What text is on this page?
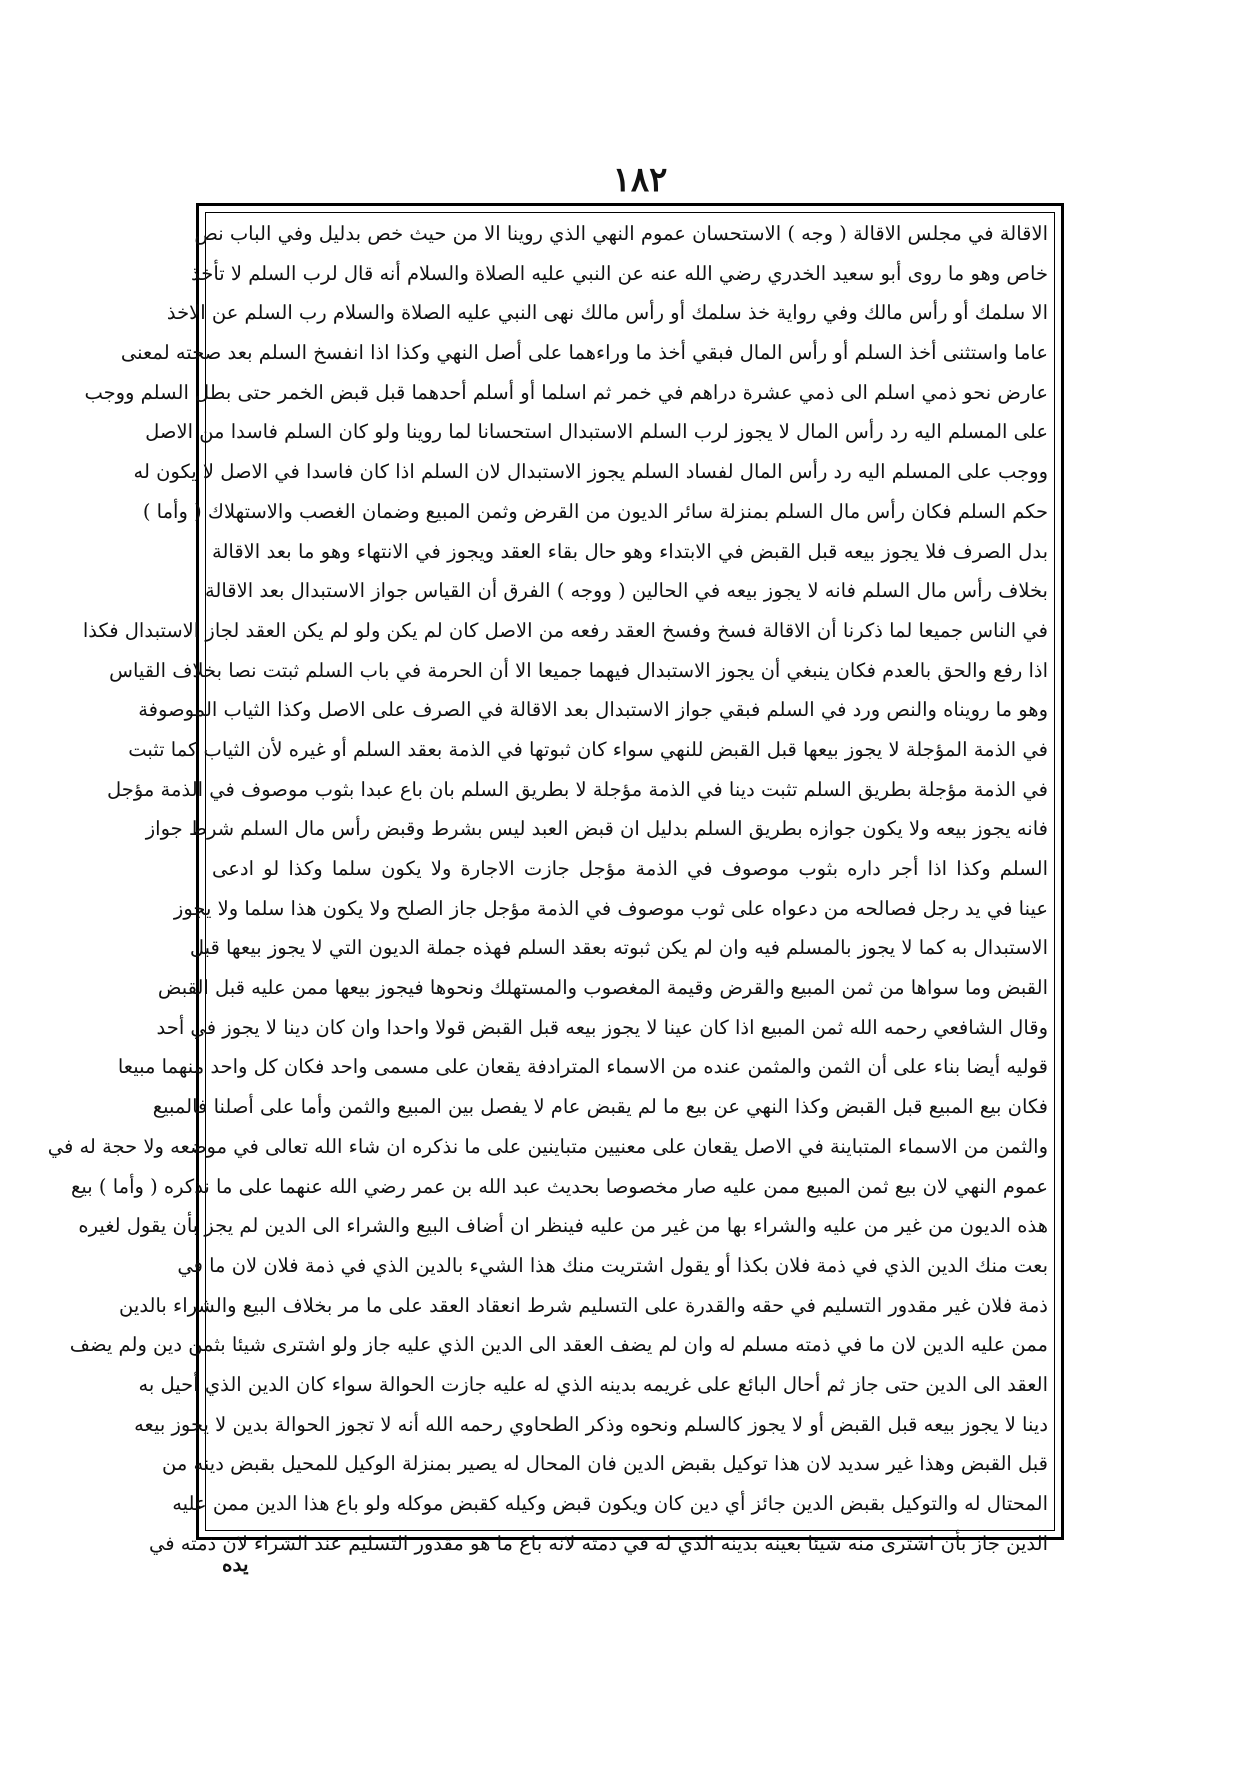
١٨٢
الاقالة في مجلس الاقالة ( وجه ) الاستحسان عموم النهي الذي روينا الا من حيث خص بدليل وفي الباب نص
خاص وهو ما روى أبو سعيد الخدري رضي الله عنه عن النبي عليه الصلاة والسلام أنه قال لرب السلم لا تأخذ
الا سلمك أو رأس مالك وفي رواية خذ سلمك أو رأس مالك نهى النبي عليه الصلاة والسلام رب السلم عن الاخذ
عاما واستثنى أخذ السلم أو رأس المال فبقي أخذ ما وراءهما على أصل النهي وكذا اذا انفسخ السلم بعد صحته لمعنى
عارض نحو ذمي اسلم الى ذمي عشرة دراهم في خمر ثم اسلما أو أسلم أحدهما قبل قبض الخمر حتى بطل السلم ووجب
على المسلم اليه رد رأس المال لا يجوز لرب السلم الاستبدال استحسانا لما روينا ولو كان السلم فاسدا من الاصل
ووجب على المسلم اليه رد رأس المال لفساد السلم يجوز الاستبدال لان السلم اذا كان فاسدا في الاصل لا يكون له
حكم السلم فكان رأس مال السلم بمنزلة سائر الديون من القرض وثمن المبيع وضمان الغصب والاستهلاك ( وأما )
بدل الصرف فلا يجوز بيعه قبل القبض في الابتداء وهو حال بقاء العقد ويجوز في الانتهاء وهو ما بعد الاقالة
بخلاف رأس مال السلم فانه لا يجوز بيعه في الحالين ( ووجه ) الفرق أن القياس جواز الاستبدال بعد الاقالة
في الناس جميعا لما ذكرنا أن الاقالة فسخ وفسخ العقد رفعه من الاصل كان لم يكن ولو لم يكن العقد لجاز الاستبدال فكذا
اذا رفع والحق بالعدم فكان ينبغي أن يجوز الاستبدال فيهما جميعا الا أن الحرمة في باب السلم ثبتت نصا بخلاف القياس
وهو ما رويناه والنص ورد في السلم فبقي جواز الاستبدال بعد الاقالة في الصرف على الاصل وكذا الثياب الموصوفة
في الذمة المؤجلة لا يجوز بيعها قبل القبض للنهي سواء كان ثبوتها في الذمة بعقد السلم أو غيره لأن الثياب كما تثبت
في الذمة مؤجلة بطريق السلم تثبت دينا في الذمة مؤجلة لا بطريق السلم بان باع عبدا بثوب موصوف في الذمة مؤجل
فانه يجوز بيعه ولا يكون جوازه بطريق السلم بدليل ان قبض العبد ليس بشرط وقبض رأس مال السلم شرط جواز
السلم وكذا اذا أجر داره بثوب موصوف في الذمة مؤجل جازت الاجارة ولا يكون سلما وكذا لو ادعى
عينا في يد رجل فصالحه من دعواه على ثوب موصوف في الذمة مؤجل جاز الصلح ولا يكون هذا سلما ولا يجوز
الاستبدال به كما لا يجوز بالمسلم فيه وان لم يكن ثبوته بعقد السلم فهذه جملة الديون التي لا يجوز بيعها قبل
القبض وما سواها من ثمن المبيع والقرض وقيمة المغصوب والمستهلك ونحوها فيجوز بيعها ممن عليه قبل القبض
وقال الشافعي رحمه الله ثمن المبيع اذا كان عينا لا يجوز بيعه قبل القبض قولا واحدا وان كان دينا لا يجوز في أحد
قوليه أيضا بناء على أن الثمن والمثمن عنده من الاسماء المترادفة يقعان على مسمى واحد فكان كل واحد منهما مبيعا
فكان بيع المبيع قبل القبض وكذا النهي عن بيع ما لم يقبض عام لا يفصل بين المبيع والثمن وأما على أصلنا فالمبيع
والثمن من الاسماء المتباينة في الاصل يقعان على معنيين متباينين على ما نذكره ان شاء الله تعالى في موضعه ولا حجة له في
عموم النهي لان بيع ثمن المبيع ممن عليه صار مخصوصا بحديث عبد الله بن عمر رضي الله عنهما على ما نذكره ( وأما ) بيع
هذه الديون من غير من عليه والشراء بها من غير من عليه فينظر ان أضاف البيع والشراء الى الدين لم يجز بأن يقول لغيره
بعت منك الدين الذي في ذمة فلان بكذا أو يقول اشتريت منك هذا الشيء بالدين الذي في ذمة فلان لان ما في
ذمة فلان غير مقدور التسليم في حقه والقدرة على التسليم شرط انعقاد العقد على ما مر بخلاف البيع والشراء بالدين
ممن عليه الدين لان ما في ذمته مسلم له وان لم يضف العقد الى الدين الذي عليه جاز ولو اشترى شيئا بثمن دين ولم يضف
العقد الى الدين حتى جاز ثم أحال البائع على غريمه بدينه الذي له عليه جازت الحوالة سواء كان الدين الذي أحيل به
دينا لا يجوز بيعه قبل القبض أو لا يجوز كالسلم ونحوه وذكر الطحاوي رحمه الله أنه لا تجوز الحوالة بدين لا يجوز بيعه
قبل القبض وهذا غير سديد لان هذا توكيل بقبض الدين فان المحال له يصير بمنزلة الوكيل للمحيل بقبض دينه من
المحتال له والتوكيل بقبض الدين جائز أي دين كان ويكون قبض وكيله كقبض موكله ولو باع هذا الدين ممن عليه
الدين جاز بأن اشترى منه شيئا بعينه بدينه الذي له في ذمته لانه باع ما هو مقدور التسليم عند الشراء لان ذمته في
يده
